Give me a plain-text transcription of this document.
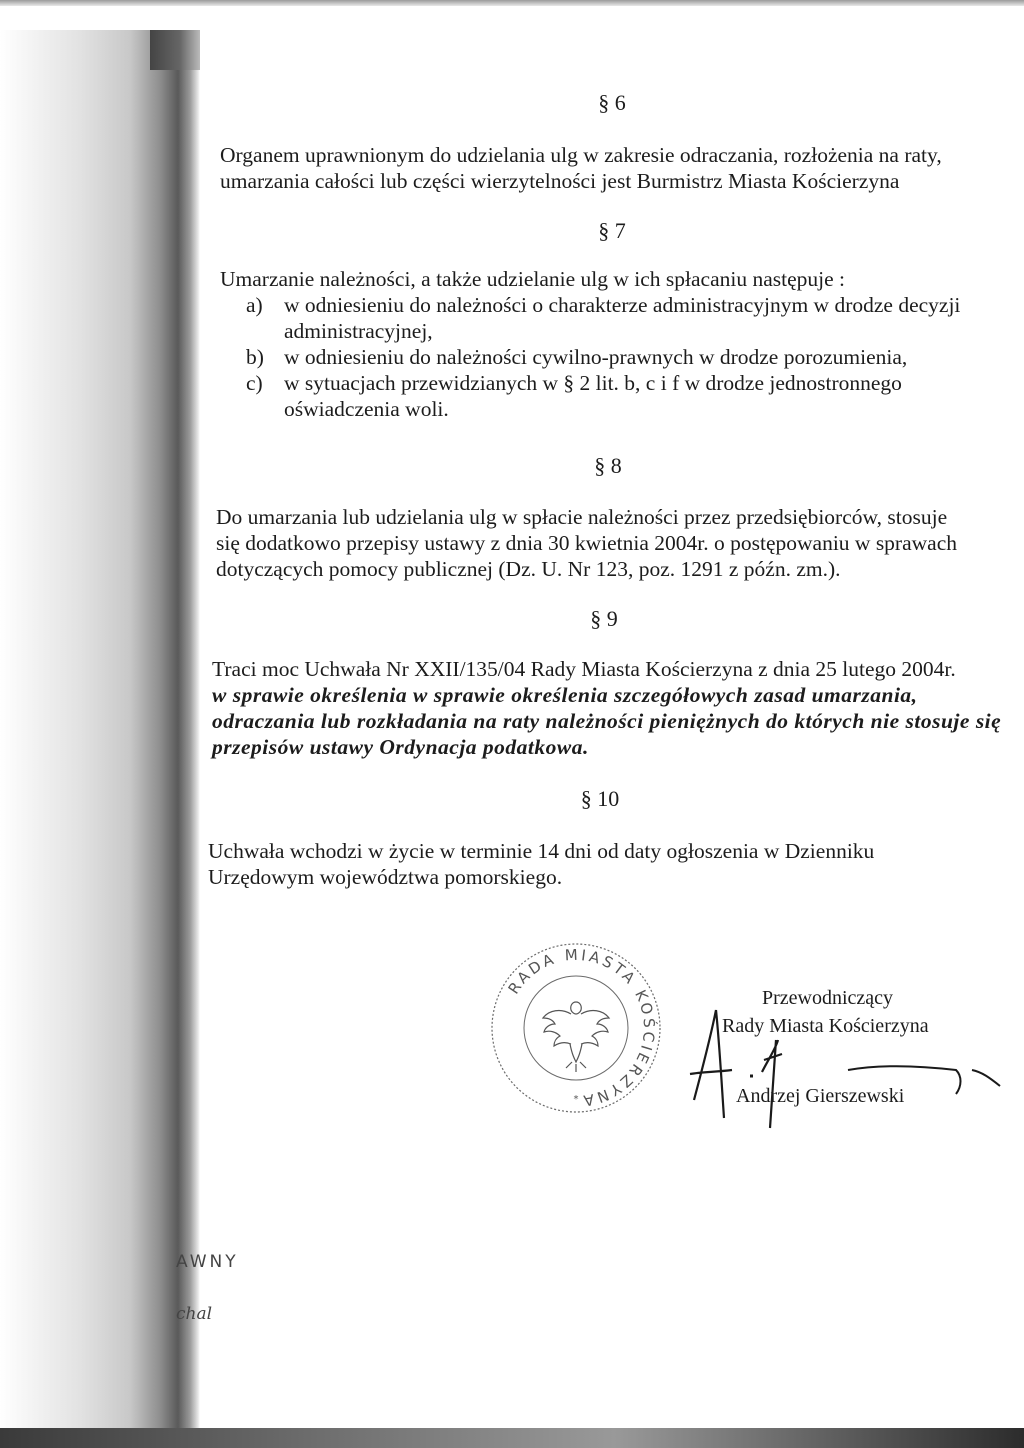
§ 6
Organem uprawnionym do udzielania ulg w zakresie odraczania, rozłożenia na raty,
umarzania całości lub części wierzytelności jest Burmistrz Miasta Kościerzyna
§ 7
Umarzanie należności, a także udzielanie ulg w ich spłacaniu następuje :
a) w odniesieniu do należności o charakterze administracyjnym w drodze decyzji
administracyjnej,
b) w odniesieniu do należności cywilno-prawnych w drodze porozumienia,
c) w sytuacjach przewidzianych w § 2 lit. b, c i f w drodze jednostronnego
oświadczenia woli.
§ 8
Do umarzania lub udzielania ulg w spłacie należności przez przedsiębiorców, stosuje
się dodatkowo przepisy ustawy z dnia 30 kwietnia 2004r. o postępowaniu w sprawach
dotyczących pomocy publicznej (Dz. U. Nr 123, poz. 1291 z późn. zm.).
§ 9
Traci moc Uchwała Nr XXII/135/04 Rady Miasta Kościerzyna z dnia 25 lutego 2004r.
w sprawie określenia w sprawie określenia szczegółowych zasad umarzania,
odraczania lub rozkładania na raty należności pieniężnych do których nie stosuje się
przepisów ustawy Ordynacja podatkowa.
§ 10
Uchwała wchodzi w życie w terminie 14 dni od daty ogłoszenia w Dzienniku
Urzędowym województwa pomorskiego.
RADA MIASTA KOŚCIERZYNA
*
Przewodniczący
Rady Miasta Kościerzyna
Andrzej Gierszewski
AWNY
chal
